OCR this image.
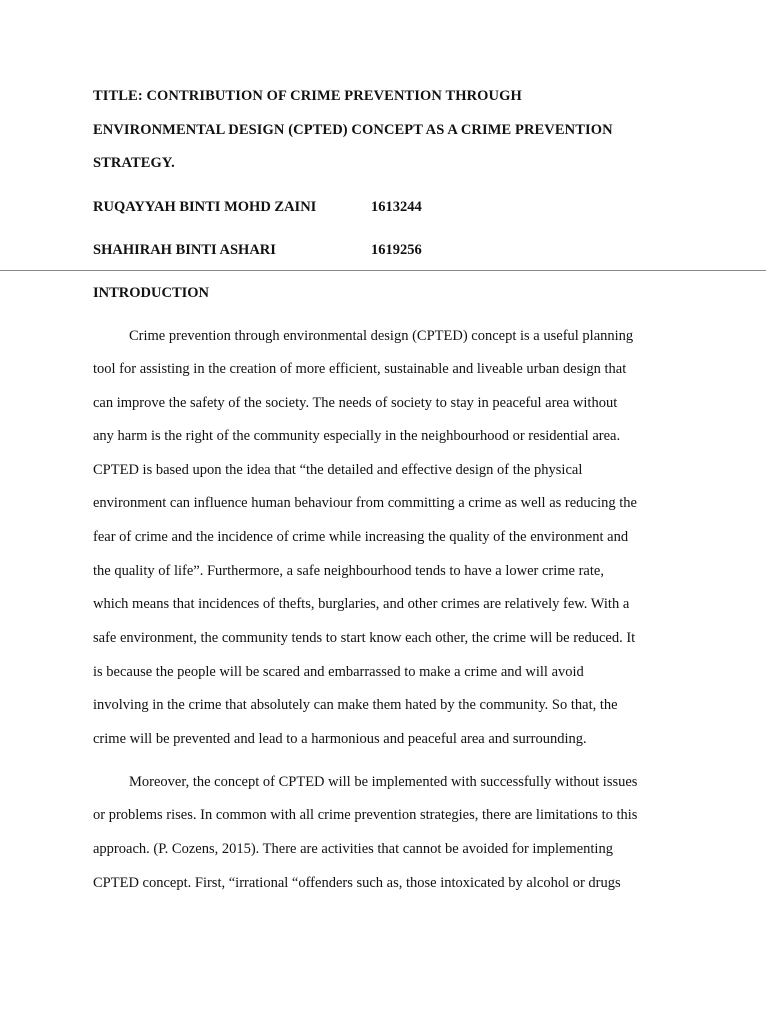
TITLE: CONTRIBUTION OF CRIME PREVENTION THROUGH
ENVIRONMENTAL DESIGN (CPTED) CONCEPT AS A CRIME PREVENTION
STRATEGY.
RUQAYYAH BINTI MOHD ZAINI	1613244
SHAHIRAH BINTI ASHARI	1619256
INTRODUCTION
Crime prevention through environmental design (CPTED) concept is a useful planning
tool for assisting in the creation of more efficient, sustainable and liveable urban design that
can improve the safety of the society. The needs of society to stay in peaceful area without
any harm is the right of the community especially in the neighbourhood or residential area.
CPTED is based upon the idea that “the detailed and effective design of the physical
environment can influence human behaviour from committing a crime as well as reducing the
fear of crime and the incidence of crime while increasing the quality of the environment and
the quality of life”. Furthermore, a safe neighbourhood tends to have a lower crime rate,
which means that incidences of thefts, burglaries, and other crimes are relatively few. With a
safe environment, the community tends to start know each other, the crime will be reduced. It
is because the people will be scared and embarrassed to make a crime and will avoid
involving in the crime that absolutely can make them hated by the community. So that, the
crime will be prevented and lead to a harmonious and peaceful area and surrounding.
Moreover, the concept of CPTED will be implemented with successfully without issues
or problems rises. In common with all crime prevention strategies, there are limitations to this
approach. (P. Cozens, 2015). There are activities that cannot be avoided for implementing
CPTED concept. First, “irrational “offenders such as, those intoxicated by alcohol or drugs
